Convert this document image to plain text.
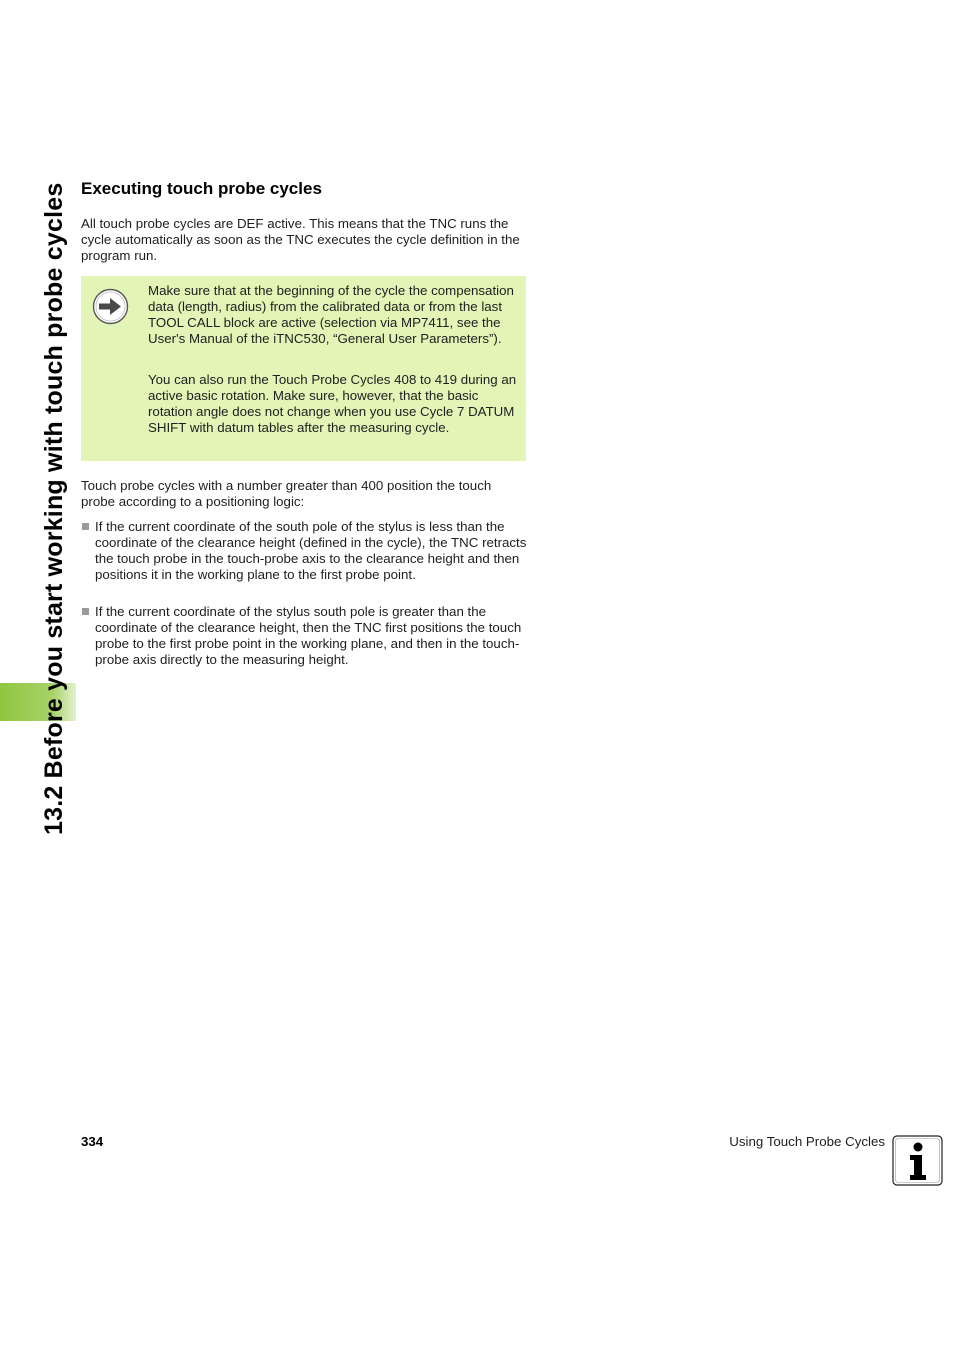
13.2 Before you start working with touch probe cycles Executing touch probe cycles

All touch probe cycles are DEF active. This means that the TNC runs the cycle automatically as soon as the TNC executes the cycle definition in the program run.

Make sure that at the beginning of the cycle the compensation data (length, radius) from the calibrated data or from the last TOOL CALL block are active (selection via MP7411, see the User's Manual of the iTNC530, “General User Parameters”).

You can also run the Touch Probe Cycles 408 to 419 during an active basic rotation. Make sure, however, that the basic rotation angle does not change when you use Cycle 7 DATUM SHIFT with datum tables after the measuring cycle.

Touch probe cycles with a number greater than 400 position the touch probe according to a positioning logic:

If the current coordinate of the south pole of the stylus is less than the coordinate of the clearance height (defined in the cycle), the TNC retracts the touch probe in the touch-probe axis to the clearance height and then positions it in the working plane to the first probe point.
If the current coordinate of the stylus south pole is greater than the coordinate of the clearance height, then the TNC first positions the touch probe to the first probe point in the working plane, and then in the touch-probe axis directly to the measuring height.
334	Using Touch Probe Cycles
